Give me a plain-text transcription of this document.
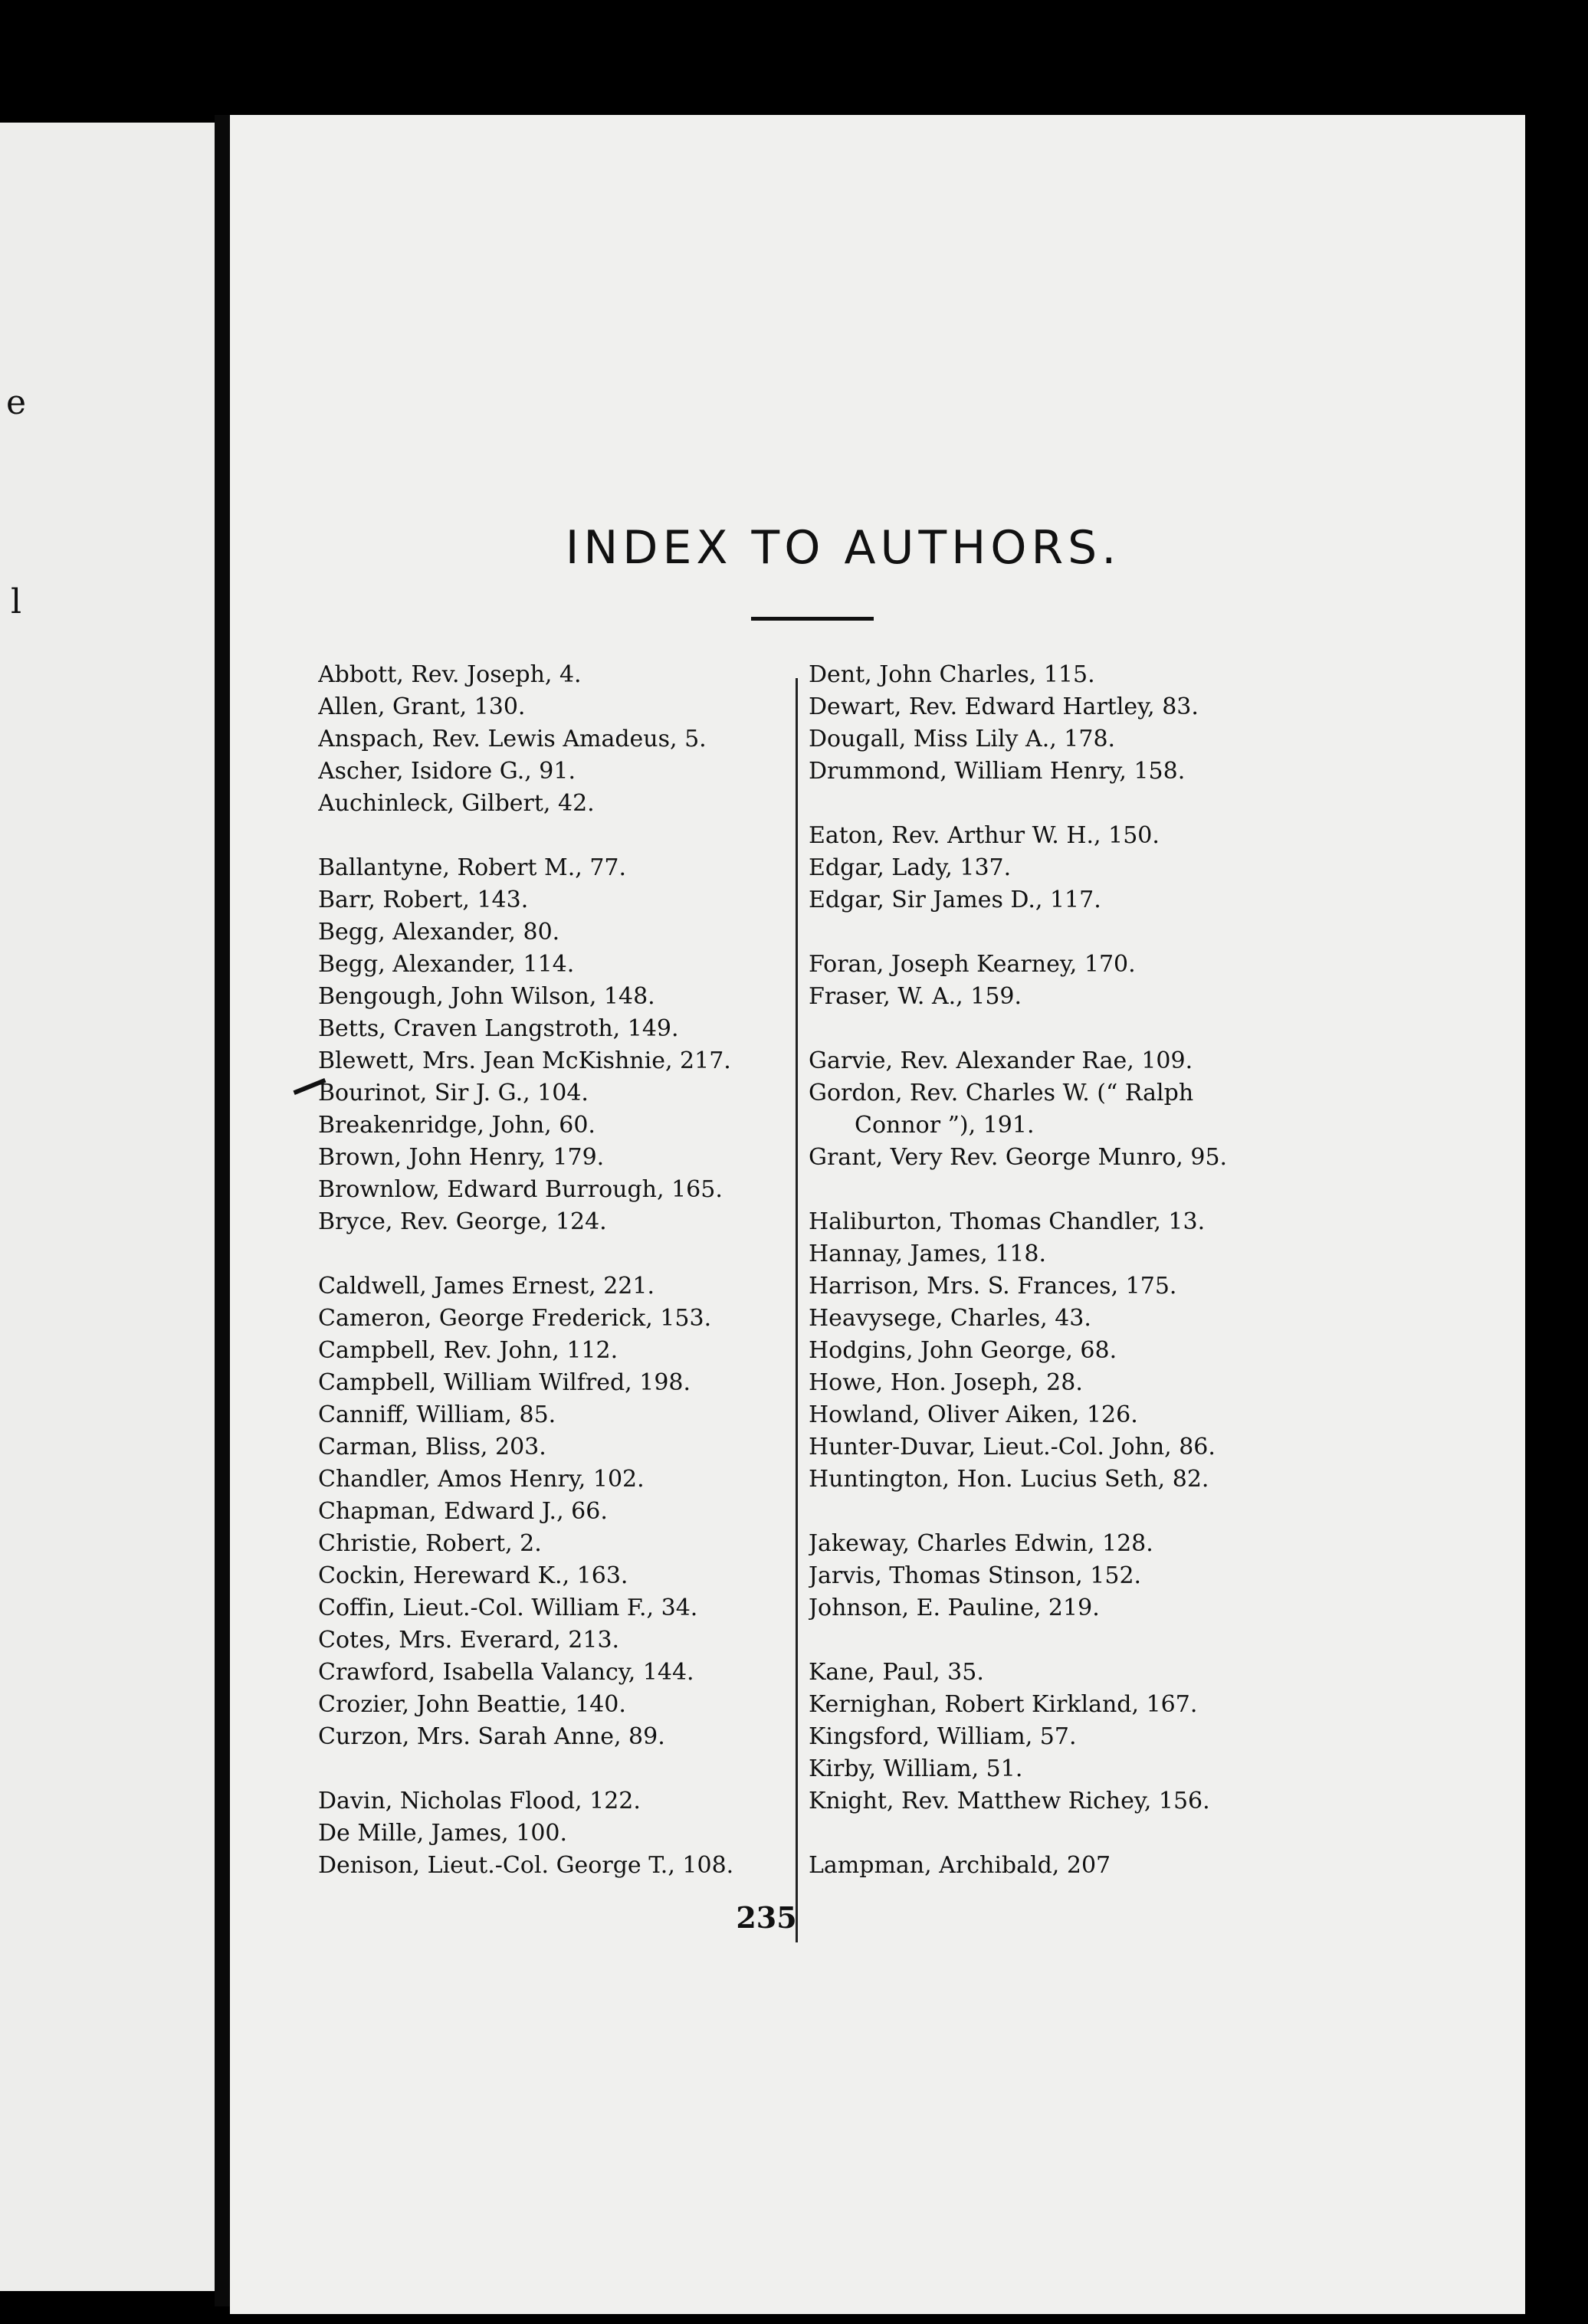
e
l
INDEX TO AUTHORS.
Abbott, Rev. Joseph, 4.
Allen, Grant, 130.
Anspach, Rev. Lewis Amadeus, 5.
Ascher, Isidore G., 91.
Auchinleck, Gilbert, 42.
Ballantyne, Robert M., 77.
Barr, Robert, 143.
Begg, Alexander, 80.
Begg, Alexander, 114.
Bengough, John Wilson, 148.
Betts, Craven Langstroth, 149.
Blewett, Mrs. Jean McKishnie, 217.
Bourinot, Sir J. G., 104.
Breakenridge, John, 60.
Brown, John Henry, 179.
Brownlow, Edward Burrough, 165.
Bryce, Rev. George, 124.
Caldwell, James Ernest, 221.
Cameron, George Frederick, 153.
Campbell, Rev. John, 112.
Campbell, William Wilfred, 198.
Canniff, William, 85.
Carman, Bliss, 203.
Chandler, Amos Henry, 102.
Chapman, Edward J., 66.
Christie, Robert, 2.
Cockin, Hereward K., 163.
Coffin, Lieut.-Col. William F., 34.
Cotes, Mrs. Everard, 213.
Crawford, Isabella Valancy, 144.
Crozier, John Beattie, 140.
Curzon, Mrs. Sarah Anne, 89.
Davin, Nicholas Flood, 122.
De Mille, James, 100.
Denison, Lieut.-Col. George T., 108.
Dent, John Charles, 115.
Dewart, Rev. Edward Hartley, 83.
Dougall, Miss Lily A., 178.
Drummond, William Henry, 158.
Eaton, Rev. Arthur W. H., 150.
Edgar, Lady, 137.
Edgar, Sir James D., 117.
Foran, Joseph Kearney, 170.
Fraser, W. A., 159.
Garvie, Rev. Alexander Rae, 109.
Gordon, Rev. Charles W. (“ Ralph
Connor ”), 191.
Grant, Very Rev. George Munro, 95.
Haliburton, Thomas Chandler, 13.
Hannay, James, 118.
Harrison, Mrs. S. Frances, 175.
Heavysege, Charles, 43.
Hodgins, John George, 68.
Howe, Hon. Joseph, 28.
Howland, Oliver Aiken, 126.
Hunter-Duvar, Lieut.-Col. John, 86.
Huntington, Hon. Lucius Seth, 82.
Jakeway, Charles Edwin, 128.
Jarvis, Thomas Stinson, 152.
Johnson, E. Pauline, 219.
Kane, Paul, 35.
Kernighan, Robert Kirkland, 167.
Kingsford, William, 57.
Kirby, William, 51.
Knight, Rev. Matthew Richey, 156.
Lampman, Archibald, 207
235
